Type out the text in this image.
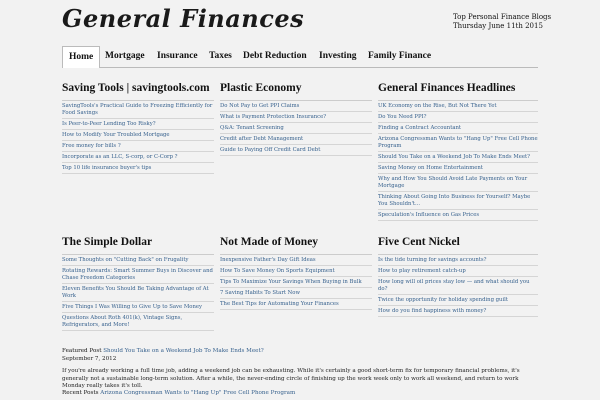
General Finances	Top Personal Finance Blogs
Thursday June 11th 2015
Home	Mortgage Insurance Taxes Debt Reduction Investing Family Finance
Saving Tools | savingtools.com
SavingTools's Practical Guide to Freezing Efficiently for Food Savings
Is Peer-to-Peer Lending Too Risky?
How to Modify Your Troubled Mortgage
Free money for bills ?
Incorporate as an LLC, S-corp, or C-Corp ?
Top 10 life insurance buyer's tips
Plastic Economy
Do Not Pay to Get PPI Claims
What is Payment Protection Insurance?
Q&A: Tenant Screening
Credit after Debt Management
Guide to Paying Off Credit Card Debt
General Finances Headlines
UK Economy on the Rise, But Not There Yet
Do You Need PPI?
Finding a Contract Accountant
Arizona Congressman Wants to "Hang Up" Free Cell Phone Program
Should You Take on a Weekend Job To Make Ends Meet?
Saving Money on Home Entertainment
Why and How You Should Avoid Late Payments on Your Mortgage
Thinking About Going Into Business for Yourself? Maybe You Shouldn't...
Speculation's Influence on Gas Prices
The Simple Dollar
Some Thoughts on "Cutting Back" on Frugality
Rotating Rewards: Smart Summer Buys in Discover and Chase Freedom Categories
Eleven Benefits You Should Be Taking Advantage of At Work
Five Things I Was Willing to Give Up to Save Money
Questions About Roth 401(k), Vintage Signs, Refrigerators, and More!
Not Made of Money
Inexpensive Father's Day Gift Ideas
How To Save Money On Sports Equipment
Tips To Maximize Your Savings When Buying in Bulk
7 Saving Habits To Start Now
The Best Tips for Automating Your Finances
Five Cent Nickel
Is the tide turning for savings accounts?
How to play retirement catch-up
How long will oil prices stay low — and what should you do?
Twice the opportunity for holiday spending guilt
How do you find happiness with money?
Featured Post Should You Take on a Weekend Job To Make Ends Meet?
September 7, 2012
If you're already working a full time job, adding a weekend job can be exhausting. While it's certainly a good short-term fix for temporary financial problems, it's generally not a sustainable long-term solution. After a while, the never-ending circle of finishing up the work week only to work all weekend, and return to work Monday really takes it's toll.
Recent Posts Arizona Congressman Wants to "Hang Up" Free Cell Phone Program
